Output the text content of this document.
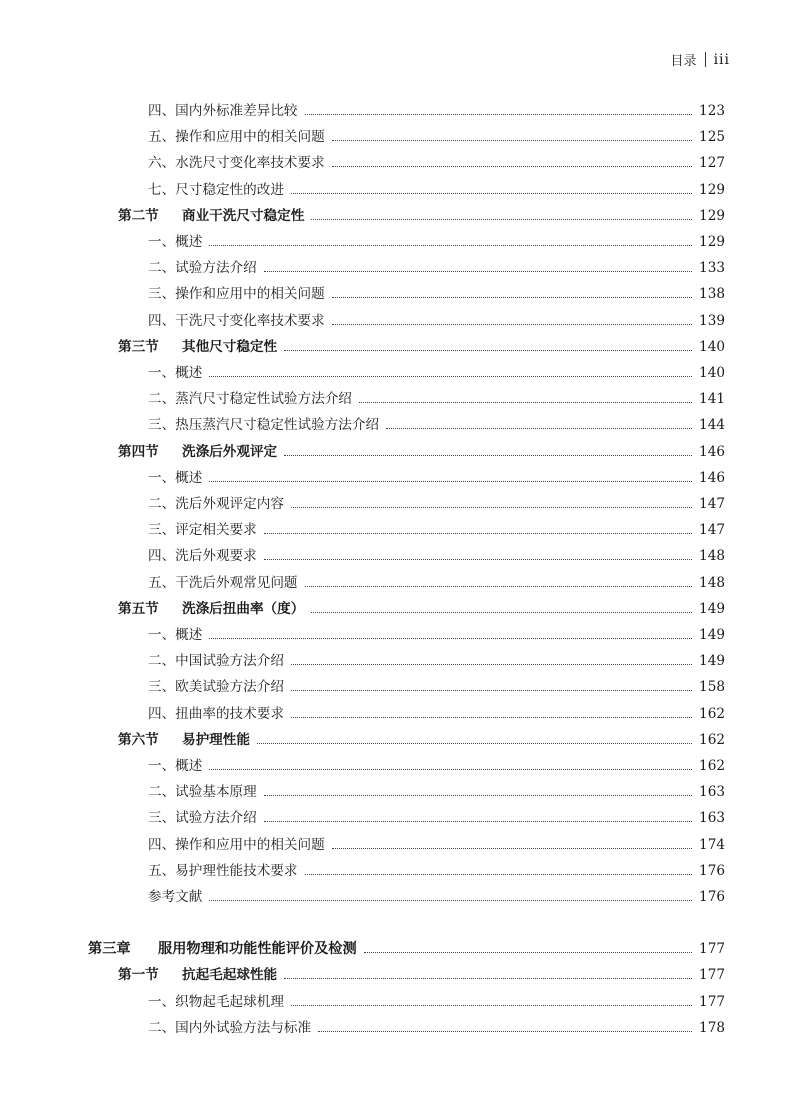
目录 iii
四、国内外标准差异比较	123
五、操作和应用中的相关问题	125
六、水洗尺寸变化率技术要求	127
七、尺寸稳定性的改进	129
第二节 商业干洗尺寸稳定性	129
一、概述	129
二、试验方法介绍	133
三、操作和应用中的相关问题	138
四、干洗尺寸变化率技术要求	139
第三节 其他尺寸稳定性	140
一、概述	140
二、蒸汽尺寸稳定性试验方法介绍	141
三、热压蒸汽尺寸稳定性试验方法介绍	144
第四节 洗涤后外观评定	146
一、概述	146
二、洗后外观评定内容	147
三、评定相关要求	147
四、洗后外观要求	148
五、干洗后外观常见问题	148
第五节 洗涤后扭曲率（度）	149
一、概述	149
二、中国试验方法介绍	149
三、欧美试验方法介绍	158
四、扭曲率的技术要求	162
第六节 易护理性能	162
一、概述	162
二、试验基本原理	163
三、试验方法介绍	163
四、操作和应用中的相关问题	174
五、易护理性能技术要求	176
参考文献	176
第三章 服用物理和功能性能评价及检测	177
第一节 抗起毛起球性能	177
一、织物起毛起球机理	177
二、国内外试验方法与标准	178
